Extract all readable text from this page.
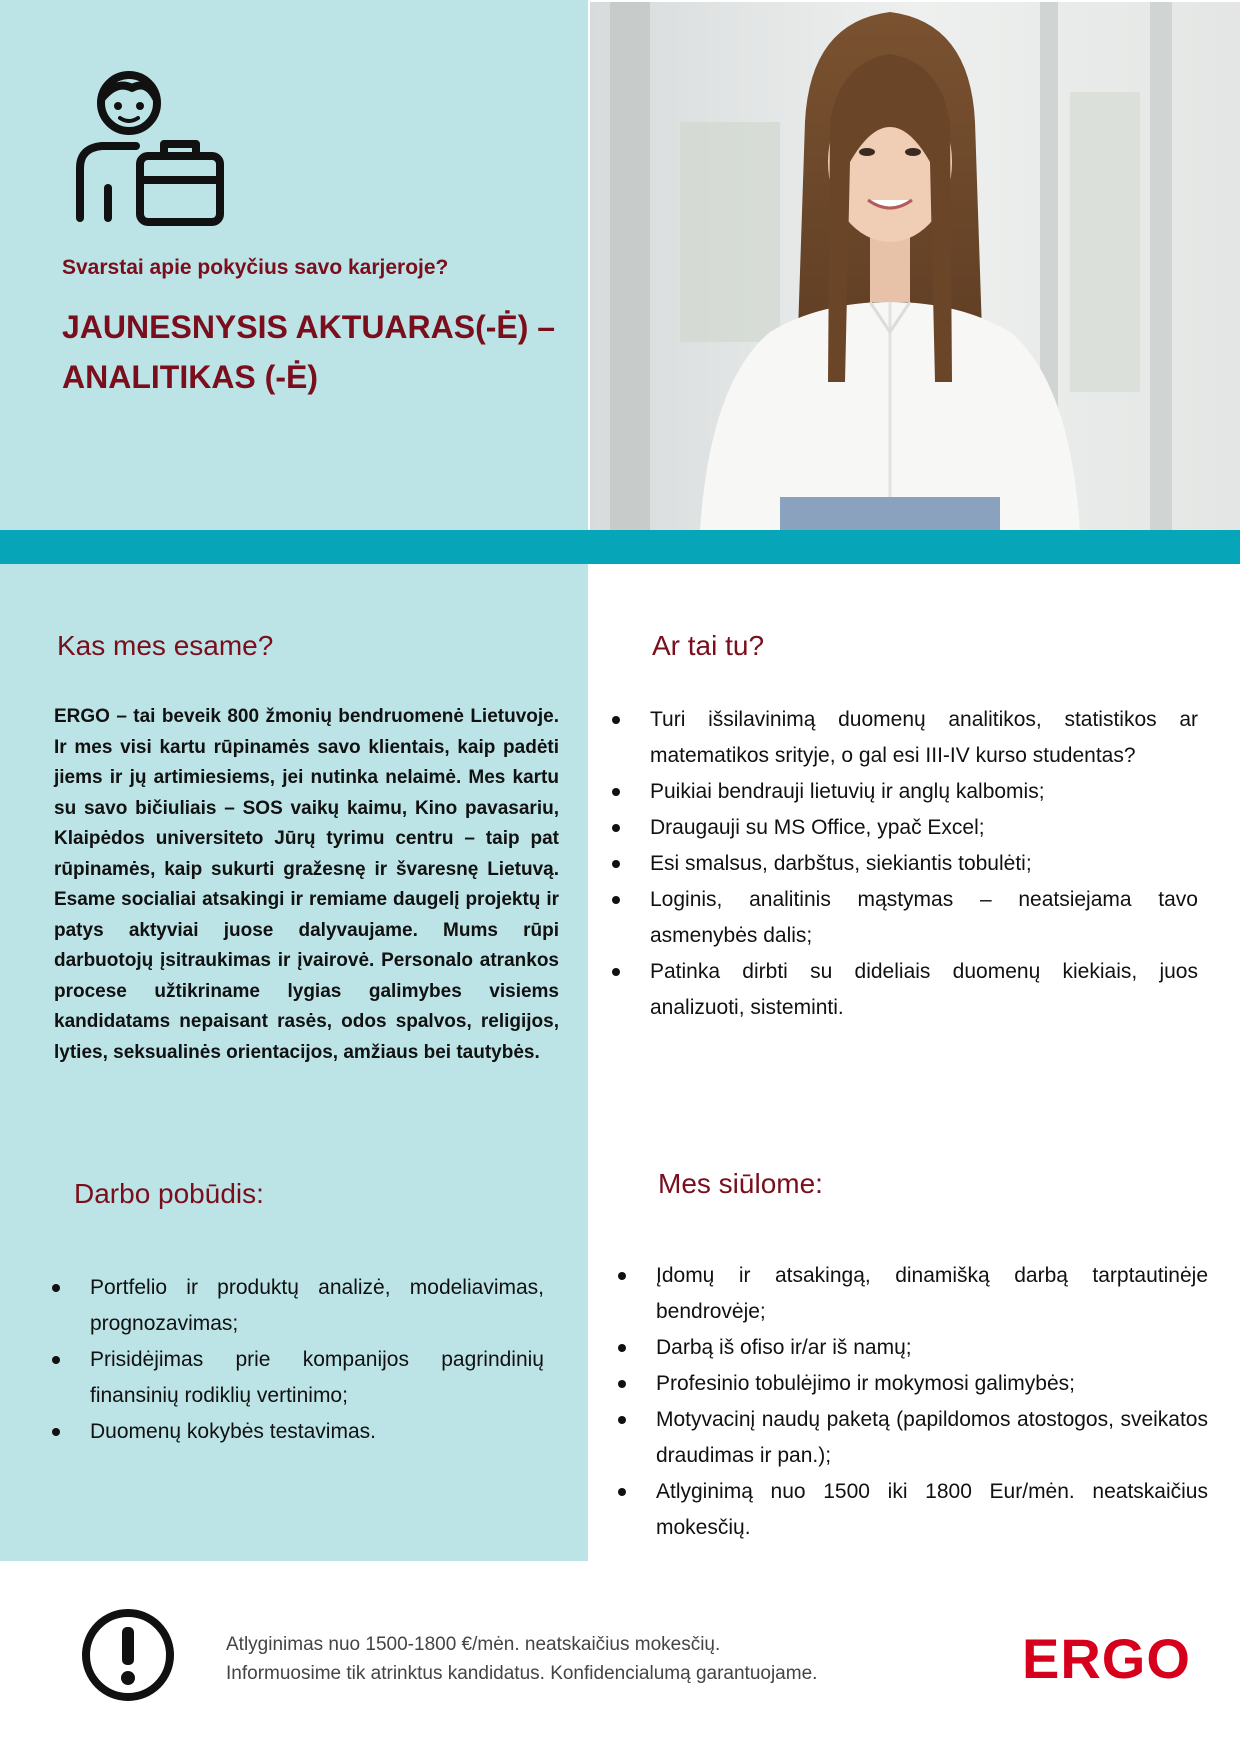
Svarstai apie pokyčius savo karjeroje?
JAUNESNYSIS AKTUARAS(-Ė) –
ANALITIKAS (-Ė)
Kas mes esame?
ERGO – tai beveik 800 žmonių bendruomenė Lietuvoje. Ir mes visi kartu rūpinamės savo klientais, kaip padėti jiems ir jų artimiesiems, jei nutinka nelaimė. Mes kartu su savo bičiuliais – SOS vaikų kaimu, Kino pavasariu, Klaipėdos universiteto Jūrų tyrimu centru – taip pat rūpinamės, kaip sukurti gražesnę ir švaresnę Lietuvą. Esame socialiai atsakingi ir remiame daugelį projektų ir patys aktyviai juose dalyvaujame. Mums rūpi darbuotojų įsitraukimas ir įvairovė. Personalo atrankos procese užtikriname lygias galimybes visiems kandidatams nepaisant rasės, odos spalvos, religijos, lyties, seksualinės orientacijos, amžiaus bei tautybės.
Ar tai tu?
Turi išsilavinimą duomenų analitikos, statistikos ar matematikos srityje, o gal esi III-IV kurso studentas?
Puikiai bendrauji lietuvių ir anglų kalbomis;
Draugauji su MS Office, ypač Excel;
Esi smalsus, darbštus, siekiantis tobulėti;
Loginis, analitinis mąstymas – neatsiejama tavo asmenybės dalis;
Patinka dirbti su dideliais duomenų kiekiais, juos analizuoti, sisteminti.
Darbo pobūdis:
Portfelio ir produktų analizė, modeliavimas, prognozavimas;
Prisidėjimas prie kompanijos pagrindinių finansinių rodiklių vertinimo;
Duomenų kokybės testavimas.
Mes siūlome:
Įdomų ir atsakingą, dinamišką darbą tarptautinėje bendrovėje;
Darbą iš ofiso ir/ar iš namų;
Profesinio tobulėjimo ir mokymosi galimybės;
Motyvacinį naudų paketą (papildomos atostogos, sveikatos draudimas ir pan.);
Atlyginimą nuo 1500 iki 1800 Eur/mėn. neatskaičius mokesčių.
Atlyginimas nuo 1500-1800 €/mėn. neatskaičius mokesčių.
Informuosime tik atrinktus kandidatus. Konfidencialumą garantuojame.	ERGO
